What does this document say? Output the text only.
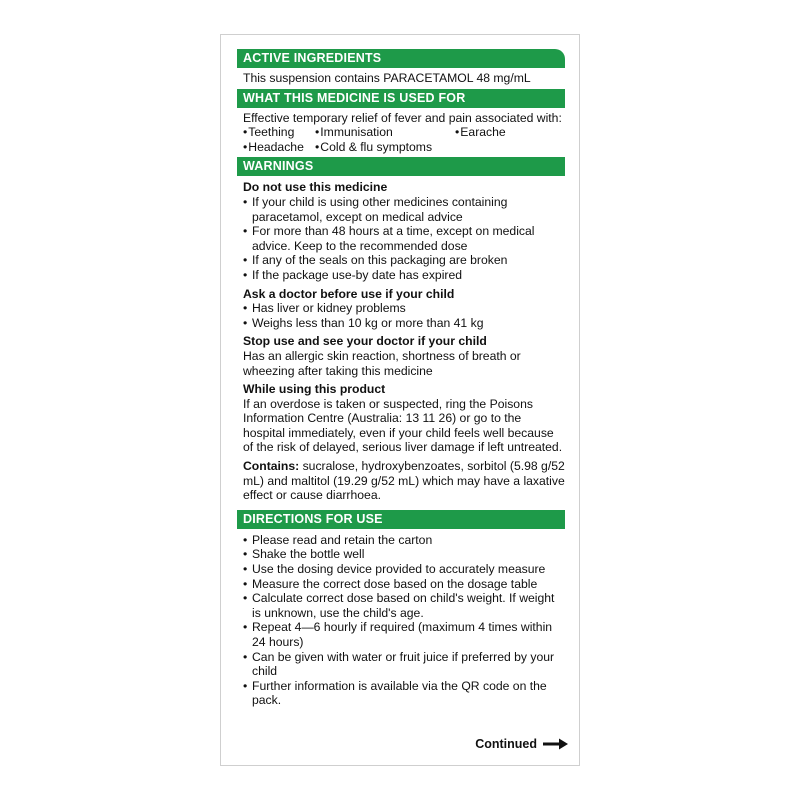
ACTIVE INGREDIENTS
This suspension contains PARACETAMOL 48 mg/mL
WHAT THIS MEDICINE IS USED FOR
Effective temporary relief of fever and pain associated with:
• Teething	• Immunisation	• Earache
• Headache	• Cold & flu symptoms
WARNINGS
Do not use this medicine
• If your child is using other medicines containing paracetamol, except on medical advice
• For more than 48 hours at a time, except on medical advice. Keep to the recommended dose
• If any of the seals on this packaging are broken
• If the package use-by date has expired
Ask a doctor before use if your child
• Has liver or kidney problems
• Weighs less than 10 kg or more than 41 kg
Stop use and see your doctor if your child
Has an allergic skin reaction, shortness of breath or wheezing after taking this medicine
While using this product
If an overdose is taken or suspected, ring the Poisons Information Centre (Australia: 13 11 26) or go to the hospital immediately, even if your child feels well because of the risk of delayed, serious liver damage if left untreated.
Contains: sucralose, hydroxybenzoates, sorbitol (5.98 g/52 mL) and maltitol (19.29 g/52 mL) which may have a laxative effect or cause diarrhoea.
DIRECTIONS FOR USE
• Please read and retain the carton
• Shake the bottle well
• Use the dosing device provided to accurately measure
• Measure the correct dose based on the dosage table
• Calculate correct dose based on child's weight. If weight is unknown, use the child's age.
• Repeat 4—6 hourly if required (maximum 4 times within 24 hours)
• Can be given with water or fruit juice if preferred by your child
• Further information is available via the QR code on the pack.
Continued
